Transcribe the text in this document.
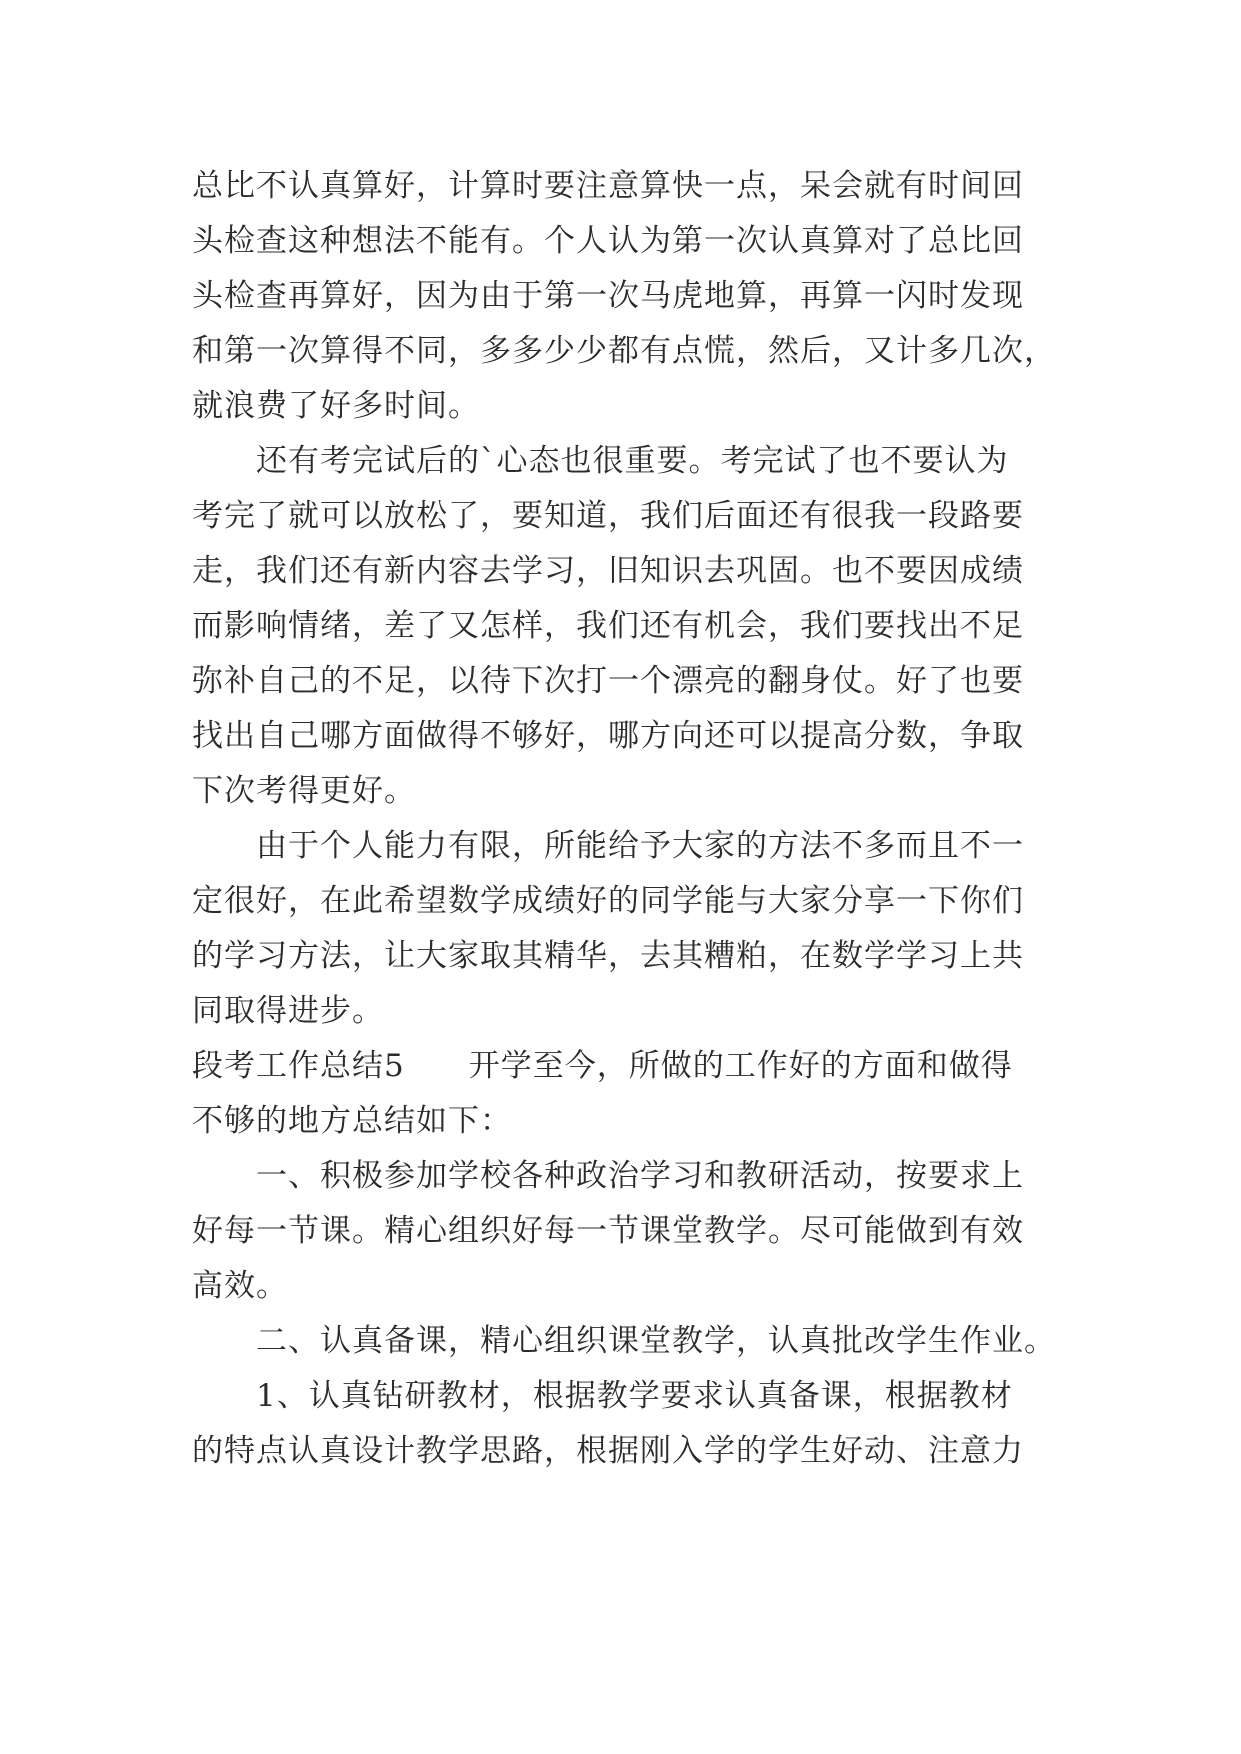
总比不认真算好，计算时要注意算快一点，呆会就有时间回
头检查这种想法不能有。个人认为第一次认真算对了总比回
头检查再算好，因为由于第一次马虎地算，再算一闪时发现
和第一次算得不同，多多少少都有点慌，然后，又计多几次，
就浪费了好多时间。

还有考完试后的`心态也很重要。考完试了也不要认为
考完了就可以放松了，要知道，我们后面还有很我一段路要
走，我们还有新内容去学习，旧知识去巩固。也不要因成绩
而影响情绪，差了又怎样，我们还有机会，我们要找出不足
弥补自己的不足，以待下次打一个漂亮的翻身仗。好了也要
找出自己哪方面做得不够好，哪方向还可以提高分数，争取
下次考得更好。

由于个人能力有限，所能给予大家的方法不多而且不一
定很好，在此希望数学成绩好的同学能与大家分享一下你们
的学习方法，让大家取其精华，去其糟粕，在数学学习上共
同取得进步。

段考工作总结5 开学至今，所做的工作好的方面和做得
不够的地方总结如下：

一、积极参加学校各种政治学习和教研活动，按要求上
好每一节课。精心组织好每一节课堂教学。尽可能做到有效
高效。

二、认真备课，精心组织课堂教学，认真批改学生作业。

1、认真钻研教材，根据教学要求认真备课，根据教材
的特点认真设计教学思路，根据刚入学的学生好动、注意力
